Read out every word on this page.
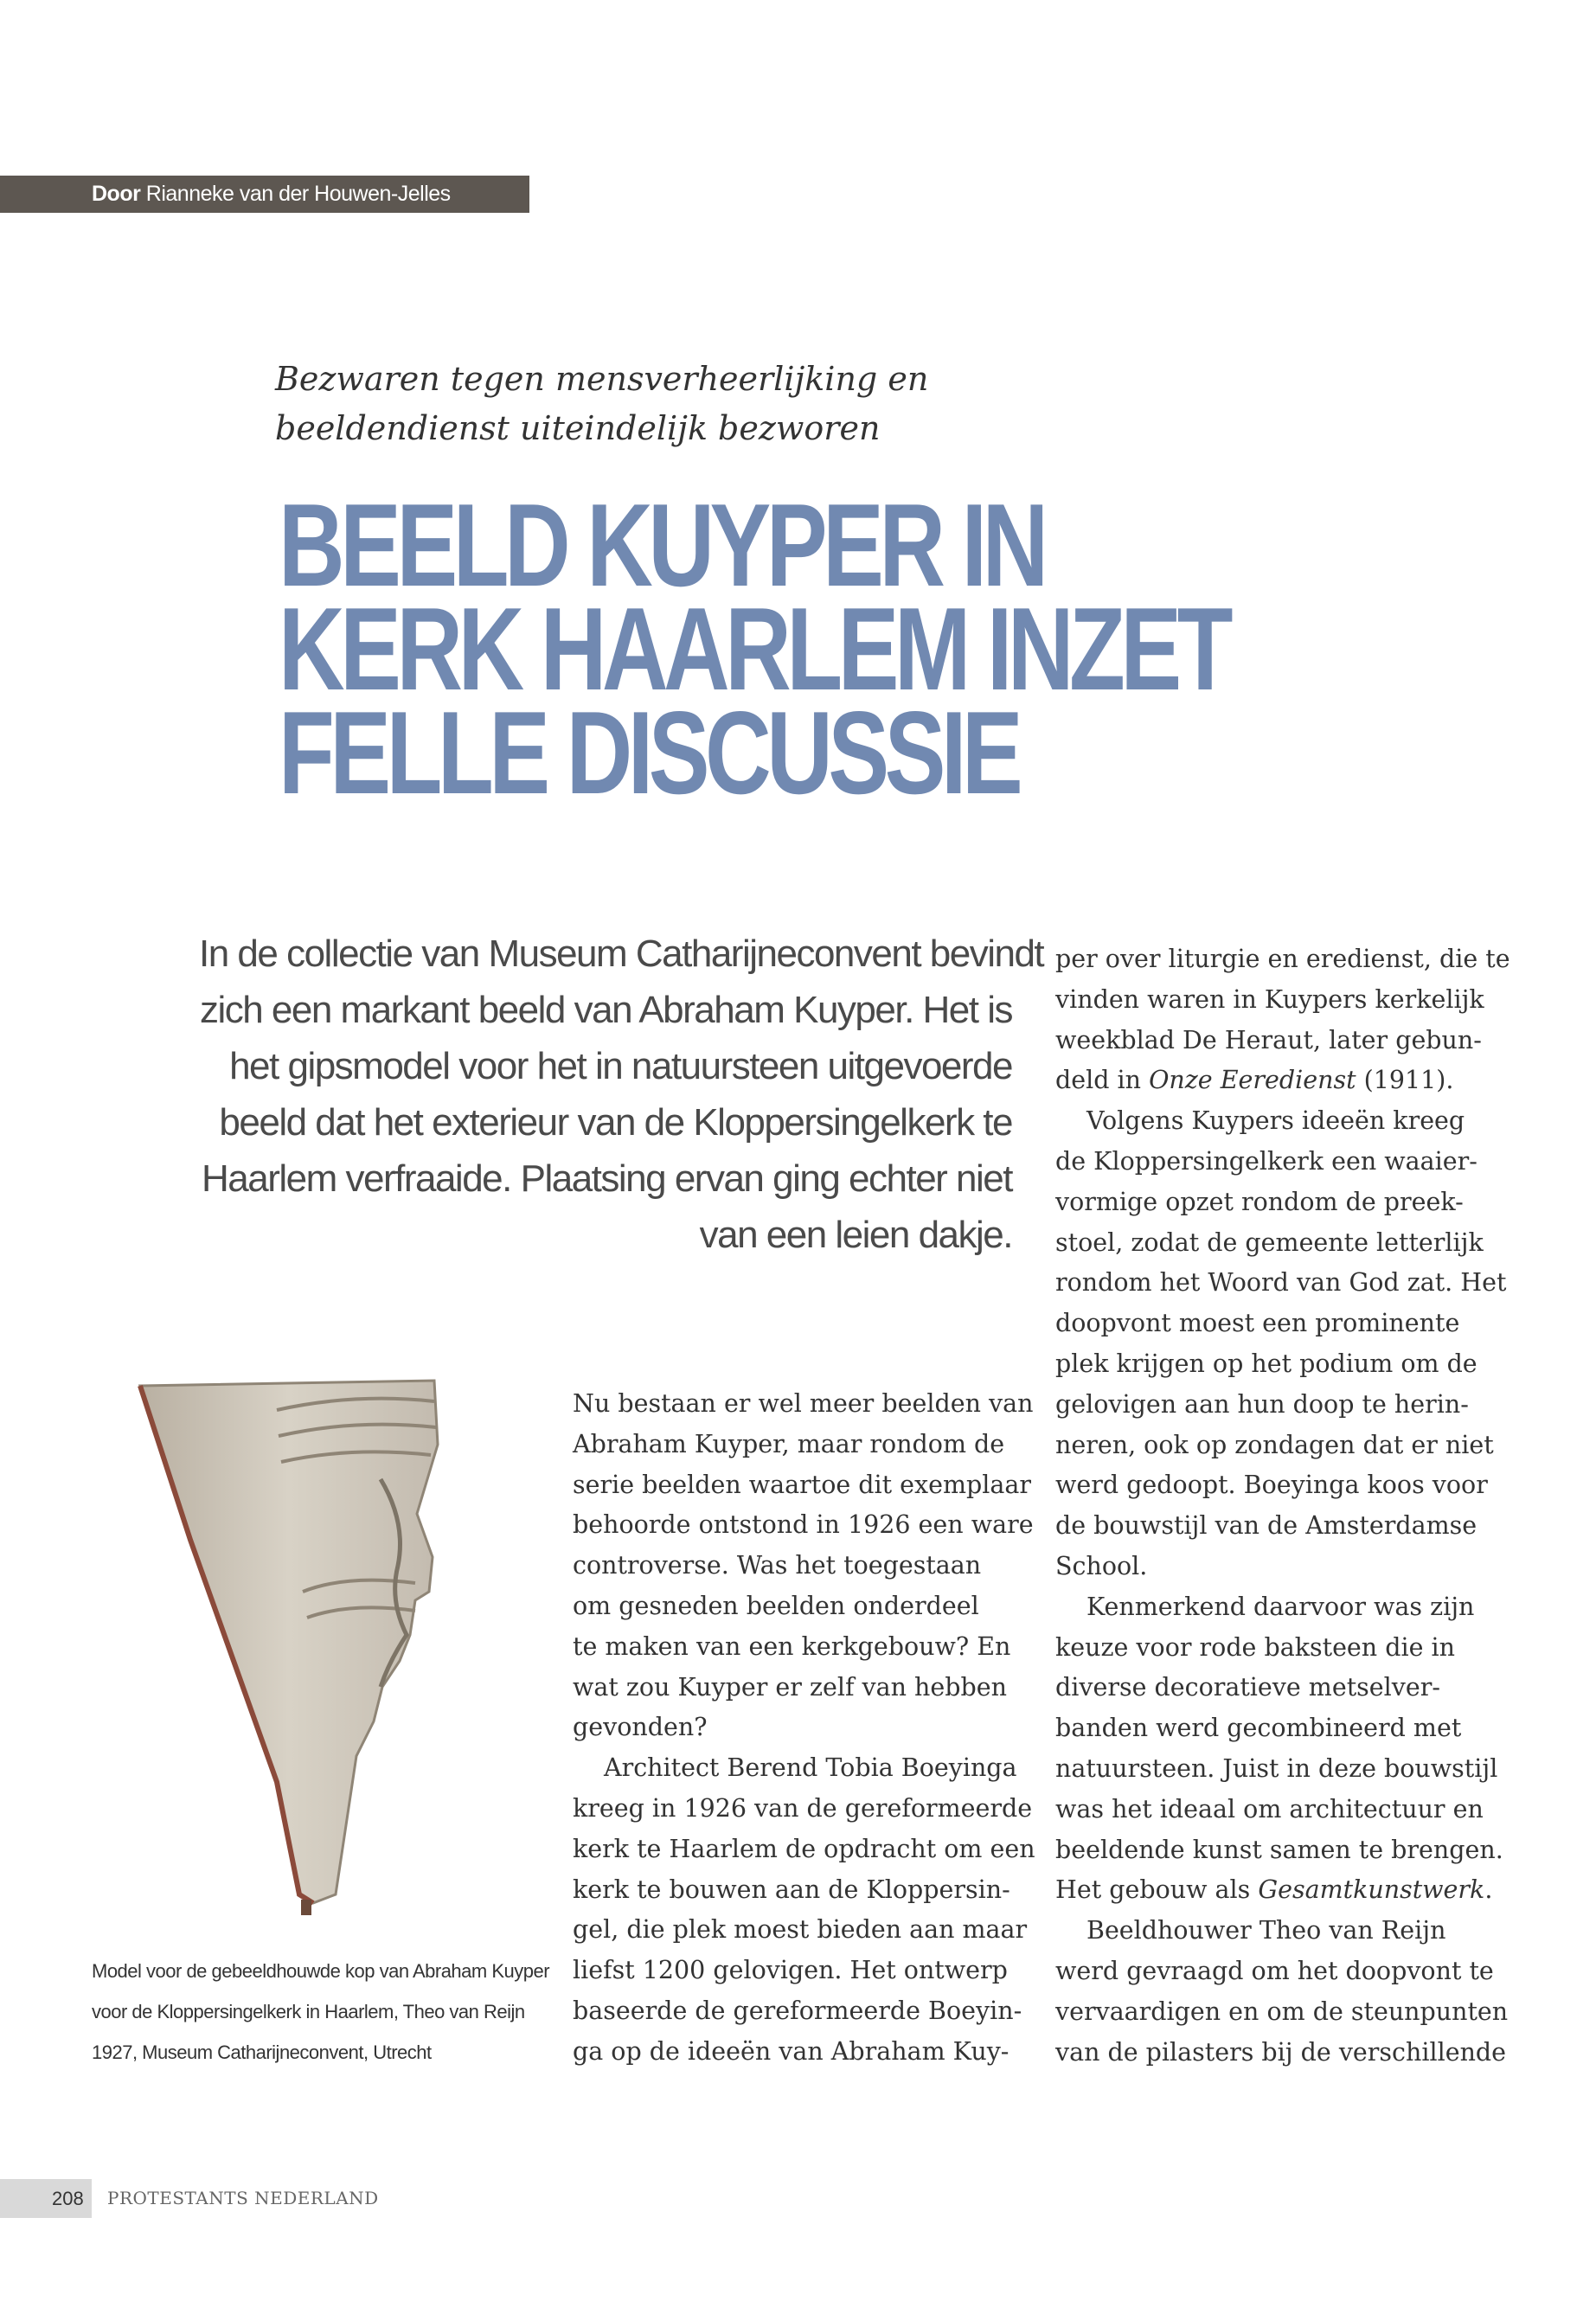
Door Rianneke van der Houwen-Jelles
Bezwaren tegen mensverheerlijking en
beeldendienst uiteindelijk bezworen
BEELD KUYPER IN
KERK HAARLEM INZET
FELLE DISCUSSIE
In de collectie van Museum Catharijneconvent bevindt
zich een markant beeld van Abraham Kuyper. Het is
het gipsmodel voor het in natuursteen uitgevoerde
beeld dat het exterieur van de Kloppersingelkerk te
Haarlem verfraaide. Plaatsing ervan ging echter niet
van een leien dakje.
Model voor de gebeeldhouwde kop van Abraham Kuyper
voor de Kloppersingelkerk in Haarlem, Theo van Reijn
1927, Museum Catharijneconvent, Utrecht

Nu bestaan er wel meer beelden van
Abraham Kuyper, maar rondom de
serie beelden waartoe dit exemplaar
behoorde ontstond in 1926 een ware
controverse. Was het toegestaan
om gesneden beelden onderdeel
te maken van een kerkgebouw? En
wat zou Kuyper er zelf van hebben
gevonden?

Architect Berend Tobia Boeyinga
kreeg in 1926 van de gereformeerde
kerk te Haarlem de opdracht om een
kerk te bouwen aan de Kloppersin-
gel, die plek moest bieden aan maar
liefst 1200 gelovigen. Het ontwerp
baseerde de gereformeerde Boeyin-
ga op de ideeën van Abraham Kuy-

per over liturgie en eredienst, die te
vinden waren in Kuypers kerkelijk
weekblad De Heraut, later gebun-
deld in Onze Eeredienst (1911).

Volgens Kuypers ideeën kreeg
de Kloppersingelkerk een waaier-
vormige opzet rondom de preek-
stoel, zodat de gemeente letterlijk
rondom het Woord van God zat. Het
doopvont moest een prominente
plek krijgen op het podium om de
gelovigen aan hun doop te herin-
neren, ook op zondagen dat er niet
werd gedoopt. Boeyinga koos voor
de bouwstijl van de Amsterdamse
School.

Kenmerkend daarvoor was zijn
keuze voor rode baksteen die in
diverse decoratieve metselver-
banden werd gecombineerd met
natuursteen. Juist in deze bouwstijl
was het ideaal om architectuur en
beeldende kunst samen te brengen.
Het gebouw als Gesamtkunstwerk.

Beeldhouwer Theo van Reijn
werd gevraagd om het doopvont te
vervaardigen en om de steunpunten
van de pilasters bij de verschillende

208 PROTESTANTS NEDERLAND
